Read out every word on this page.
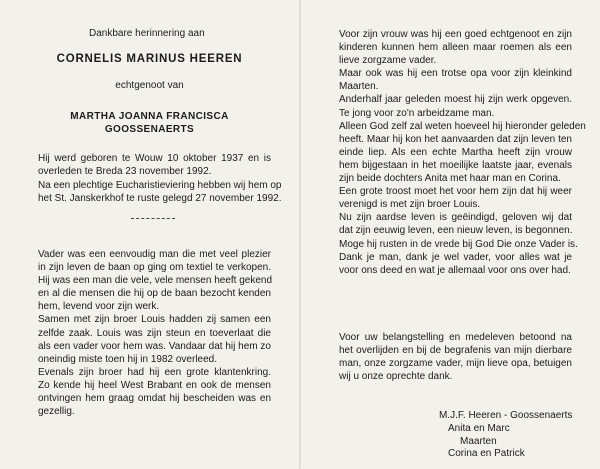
Dankbare herinnering aan
CORNELIS MARINUS HEEREN
echtgenoot van
MARTHA JOANNA FRANCISCA
GOOSSENAERTS
Hij werd geboren te Wouw 10 oktober 1937 en is
overleden te Breda 23 november 1992.
Na een plechtige Eucharistieviering hebben wij hem op
het St. Janskerkhof te ruste gelegd 27 november 1992.
Vader was een eenvoudig man die met veel plezier
in zijn leven de baan op ging om textiel te verkopen.
Hij was een man die vele, vele mensen heeft gekend
en al die mensen die hij op de baan bezocht kenden
hem, levend voor zijn werk.
Samen met zijn broer Louis hadden zij samen een
zelfde zaak. Louis was zijn steun en toeverlaat die
als een vader voor hem was. Vandaar dat hij hem zo
oneindig miste toen hij in 1982 overleed.
Evenals zijn broer had hij een grote klantenkring.
Zo kende hij heel West Brabant en ook de mensen
ontvingen hem graag omdat hij bescheiden was en
gezellig.
Voor zijn vrouw was hij een goed echtgenoot en zijn
kinderen kunnen hem alleen maar roemen als een
lieve zorgzame vader.
Maar ook was hij een trotse opa voor zijn kleinkind
Maarten.
Anderhalf jaar geleden moest hij zijn werk opgeven.
Te jong voor zo'n arbeidzame man.
Alleen God zelf zal weten hoeveel hij hieronder geleden
heeft. Maar hij kon het aanvaarden dat zijn leven ten
einde liep. Als een echte Martha heeft zijn vrouw
hem bijgestaan in het moeilijke laatste jaar, evenals
zijn beide dochters Anita met haar man en Corina.
Een grote troost moet het voor hem zijn dat hij weer
verenigd is met zijn broer Louis.
Nu zijn aardse leven is geëindigd, geloven wij dat
dat zijn eeuwig leven, een nieuw leven, is begonnen.
Moge hij rusten in de vrede bij God Die onze Vader is.
Dank je man, dank je wel vader, voor alles wat je
voor ons deed en wat je allemaal voor ons over had.
Voor uw belangstelling en medeleven betoond na
het overlijden en bij de begrafenis van mijn dierbare
man, onze zorgzame vader, mijn lieve opa, betuigen
wij u onze oprechte dank.
M.J.F. Heeren - Goossenaerts
Anita en Marc
Maarten
Corina en Patrick
